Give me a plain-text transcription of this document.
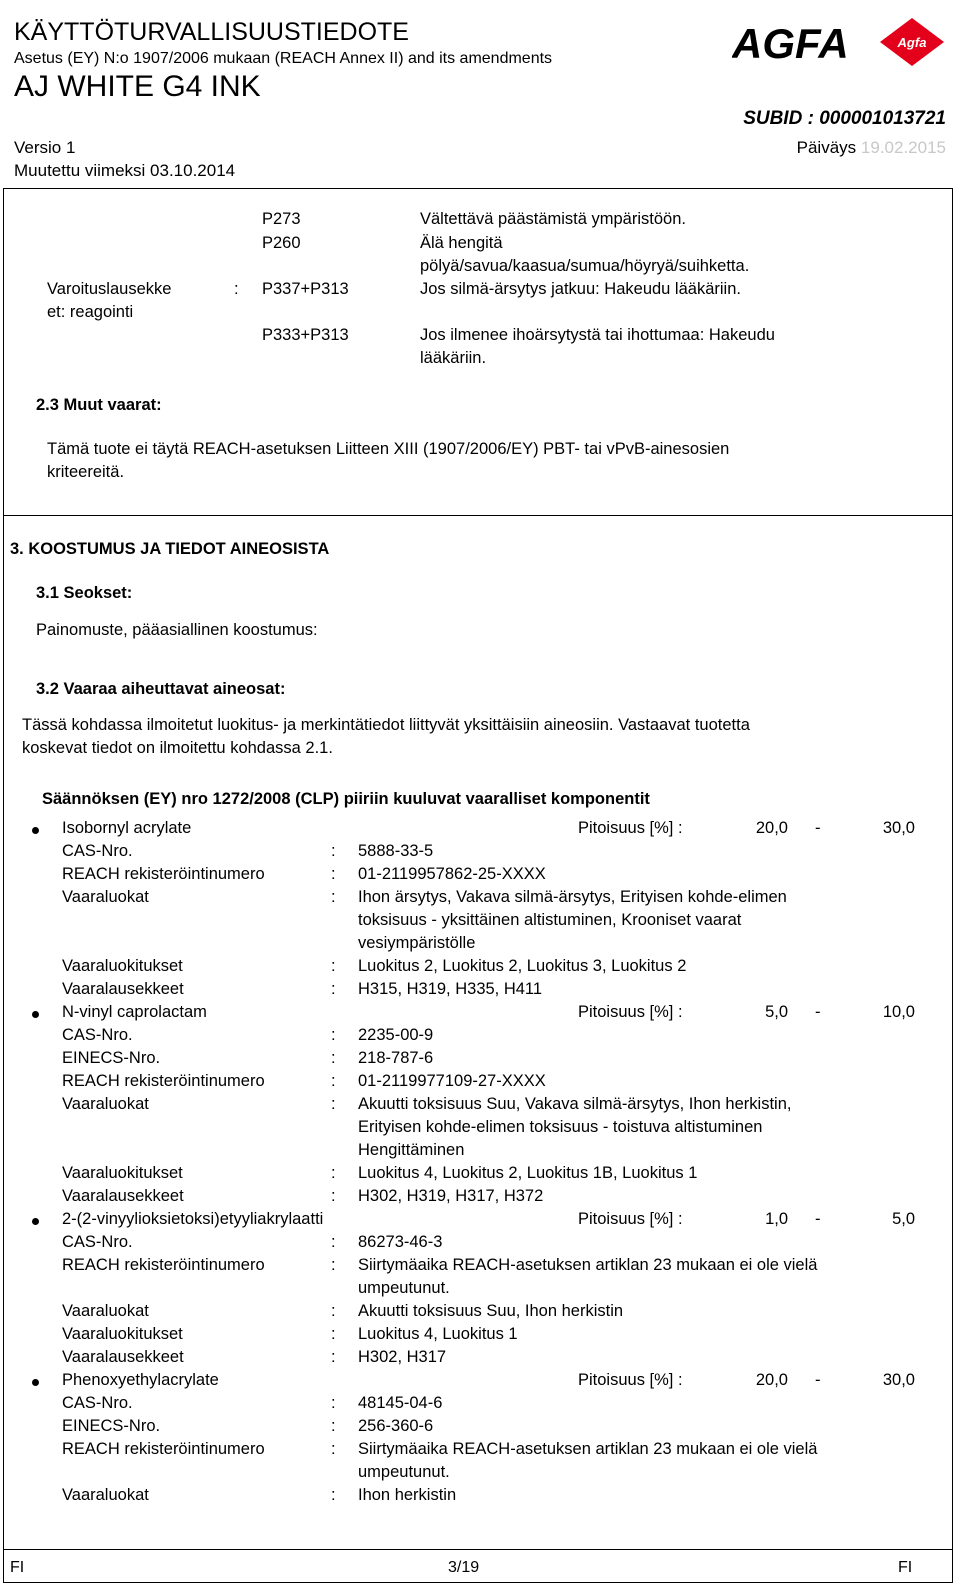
KÄYTTÖTURVALLISUUSTIEDOTE
Asetus (EY) N:o 1907/2006 mukaan (REACH Annex II) and its amendments
AJ WHITE G4 INK
AGFA	Agfa
SUBID : 000001013721
Versio 1
Muutettu viimeksi 03.10.2014
Päiväys 19.02.2015
P273	Vältettävä päästämistä ympäristöön.
P260	Älä hengitä
pölyä/savua/kaasua/sumua/höyryä/suihketta.
Varoituslausekke
et: reagointi
: P337+P313	Jos silmä-ärsytys jatkuu: Hakeudu lääkäriin.
P333+P313	Jos ilmenee ihoärsytystä tai ihottumaa: Hakeudu
lääkäriin.
2.3 Muut vaarat:
Tämä tuote ei täytä REACH-asetuksen Liitteen XIII (1907/2006/EY) PBT- tai vPvB-ainesosien
kriteereitä.
3. KOOSTUMUS JA TIEDOT AINEOSISTA
3.1 Seokset:
Painomuste, pääasiallinen koostumus:
3.2 Vaaraa aiheuttavat aineosat:
Tässä kohdassa ilmoitetut luokitus- ja merkintätiedot liittyvät yksittäisiin aineosiin. Vastaavat tuotetta
koskevat tiedot on ilmoitettu kohdassa 2.1.
Säännöksen (EY) nro 1272/2008 (CLP) piiriin kuuluvat vaaralliset komponentit
Isobornyl acrylate	Pitoisuus [%] :	20,0 -	30,0
CAS-Nro.	: 5888-33-5
REACH rekisteröintinumero	: 01-2119957862-25-XXXX
Vaaraluokat	: Ihon ärsytys, Vakava silmä-ärsytys, Erityisen kohde-elimen
toksisuus - yksittäinen altistuminen, Krooniset vaarat
vesiympäristölle
Vaaraluokitukset	: Luokitus 2, Luokitus 2, Luokitus 3, Luokitus 2
Vaaralausekkeet	: H315, H319, H335, H411
N-vinyl caprolactam	Pitoisuus [%] :	5,0 -	10,0
CAS-Nro.	: 2235-00-9
EINECS-Nro.	: 218-787-6
REACH rekisteröintinumero	: 01-2119977109-27-XXXX
Vaaraluokat	: Akuutti toksisuus Suu, Vakava silmä-ärsytys, Ihon herkistin,
Erityisen kohde-elimen toksisuus - toistuva altistuminen
Hengittäminen
Vaaraluokitukset	: Luokitus 4, Luokitus 2, Luokitus 1B, Luokitus 1
Vaaralausekkeet	: H302, H319, H317, H372
2-(2-vinyylioksietoksi)etyyliakrylaatti	Pitoisuus [%] :	1,0 -	5,0
CAS-Nro.	: 86273-46-3
REACH rekisteröintinumero	: Siirtymäaika REACH-asetuksen artiklan 23 mukaan ei ole vielä
umpeutunut.
Vaaraluokat	: Akuutti toksisuus Suu, Ihon herkistin
Vaaraluokitukset	: Luokitus 4, Luokitus 1
Vaaralausekkeet	: H302, H317
Phenoxyethylacrylate	Pitoisuus [%] :	20,0 -	30,0
CAS-Nro.	: 48145-04-6
EINECS-Nro.	: 256-360-6
REACH rekisteröintinumero	: Siirtymäaika REACH-asetuksen artiklan 23 mukaan ei ole vielä
umpeutunut.
Vaaraluokat	: Ihon herkistin
FI	3/19	FI
